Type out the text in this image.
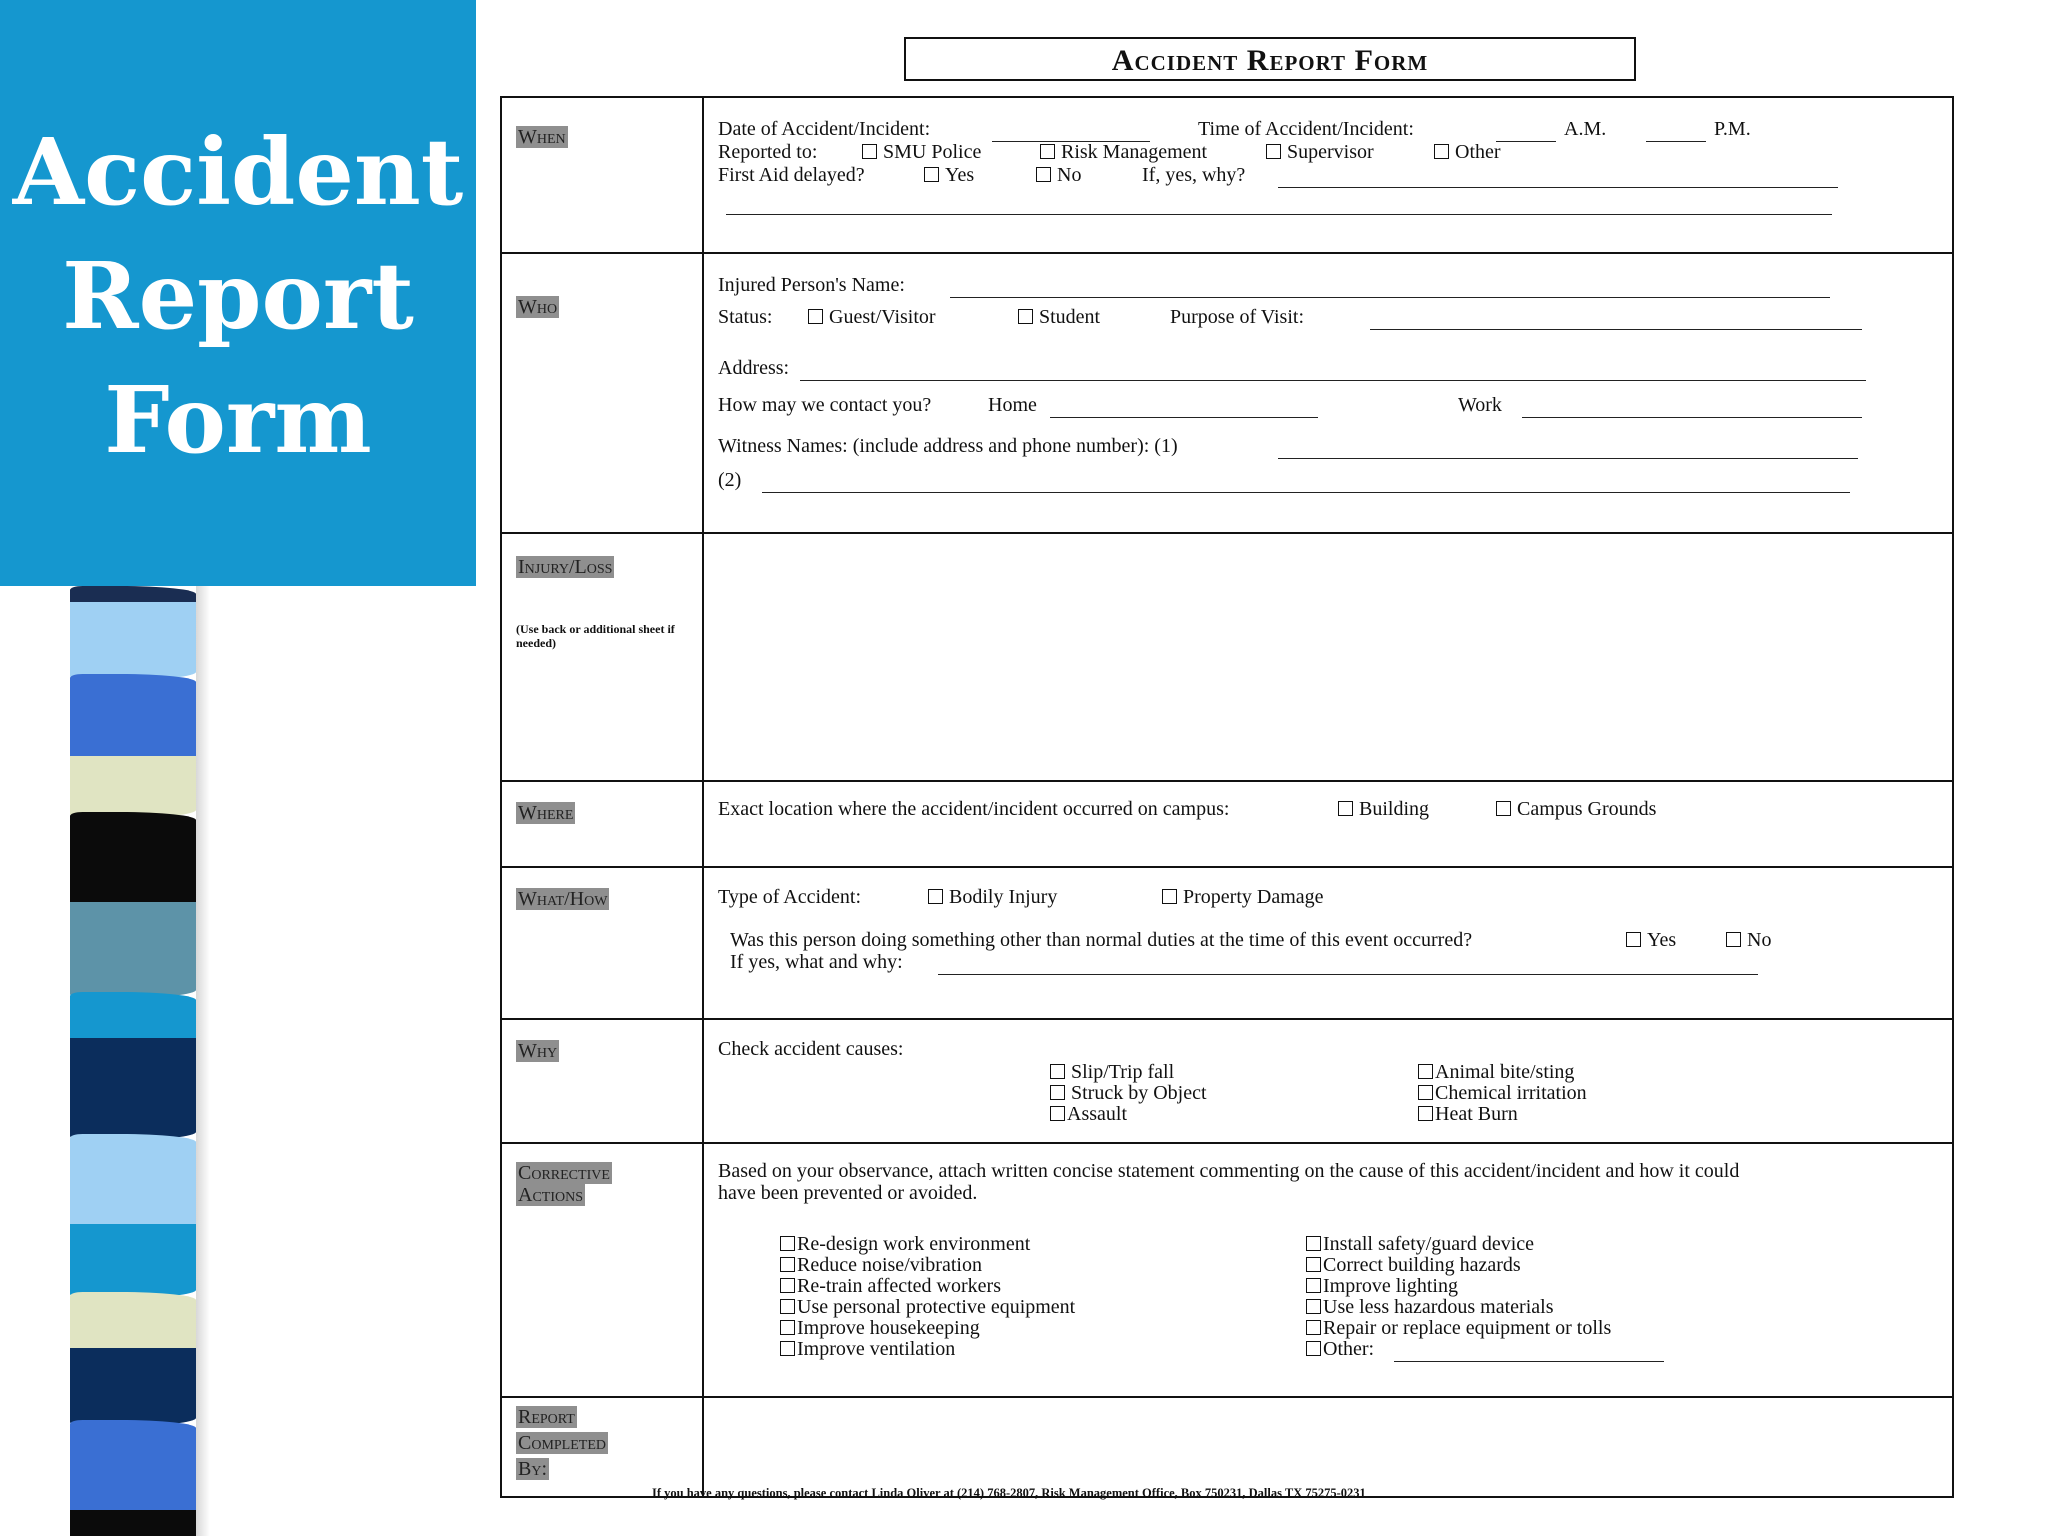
Accident
Report
Form
Accident Report Form
When	Date of Accident/Incident:	Time of Accident/Incident:	A.M.	P.M.
Reported to:	SMU Police	Risk Management	Supervisor	Other
First Aid delayed?	Yes	No	If, yes, why?
Who
Injured Person's Name:
Status:	Guest/Visitor	Student	Purpose of Visit:
Address:
How may we contact you?	Home	Work
Witness Names: (include address and phone number): (1)
(2)
Injury/Loss
(Use back or additional sheet if needed)
Where	Exact location where the accident/incident occurred on campus:	Building	Campus Grounds
What/How	Type of Accident:	Bodily Injury	Property Damage
Was this person doing something other than normal duties at the time of this event occurred?	Yes	No
If yes, what and why:
Why	Check accident causes:
Slip/Trip fall
Struck by Object
Assault
Animal bite/sting
Chemical irritation
Heat Burn
Corrective
Actions
Based on your observance, attach written concise statement commenting on the cause of this accident/incident and how it could
have been prevented or avoided.
Re-design work environment
Reduce noise/vibration
Re-train affected workers
Use personal protective equipment
Improve housekeeping
Improve ventilation
Install safety/guard device
Correct building hazards
Improve lighting
Use less hazardous materials
Repair or replace equipment or tolls
Other:
Report
Completed
By:
If you have any questions, please contact Linda Oliver at (214) 768-2807, Risk Management Office, Box 750231, Dallas TX 75275-0231
